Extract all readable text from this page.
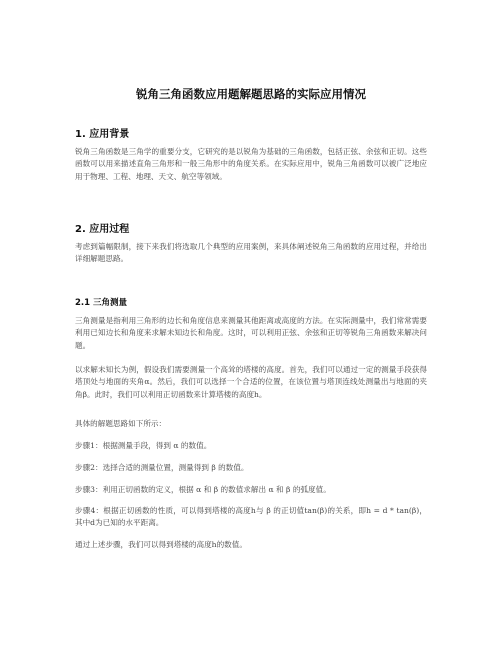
锐角三角函数应用题解题思路的实际应用情况
1. 应用背景
锐角三角函数是三角学的重要分支，它研究的是以锐角为基础的三角函数，包括正弦、余弦和正切。这些函数可以用来描述直角三角形和一般三角形中的角度关系。在实际应用中，锐角三角函数可以被广泛地应用于物理、工程、地理、天文、航空等领域。
2. 应用过程
考虑到篇幅限制，接下来我们将选取几个典型的应用案例，来具体阐述锐角三角函数的应用过程，并给出详细解题思路。
2.1 三角测量
三角测量是指利用三角形的边长和角度信息来测量其他距离或高度的方法。在实际测量中，我们常常需要利用已知边长和角度来求解未知边长和角度。这时，可以利用正弦、余弦和正切等锐角三角函数来解决问题。
以求解未知长为例，假设我们需要测量一个高耸的塔楼的高度。首先，我们可以通过一定的测量手段获得塔顶处与地面的夹角α。然后，我们可以选择一个合适的位置，在该位置与塔顶连线处测量出与地面的夹角β。此时，我们可以利用正切函数来计算塔楼的高度h。
具体的解题思路如下所示：
步骤1：根据测量手段，得到 α 的数值。
步骤2：选择合适的测量位置，测量得到 β 的数值。
步骤3：利用正切函数的定义，根据 α 和 β 的数值求解出 α 和 β 的弧度值。
步骤4：根据正切函数的性质，可以得到塔楼的高度h与 β 的正切值tan(β)的关系，即h = d * tan(β)，其中d为已知的水平距离。
通过上述步骤，我们可以得到塔楼的高度h的数值。
